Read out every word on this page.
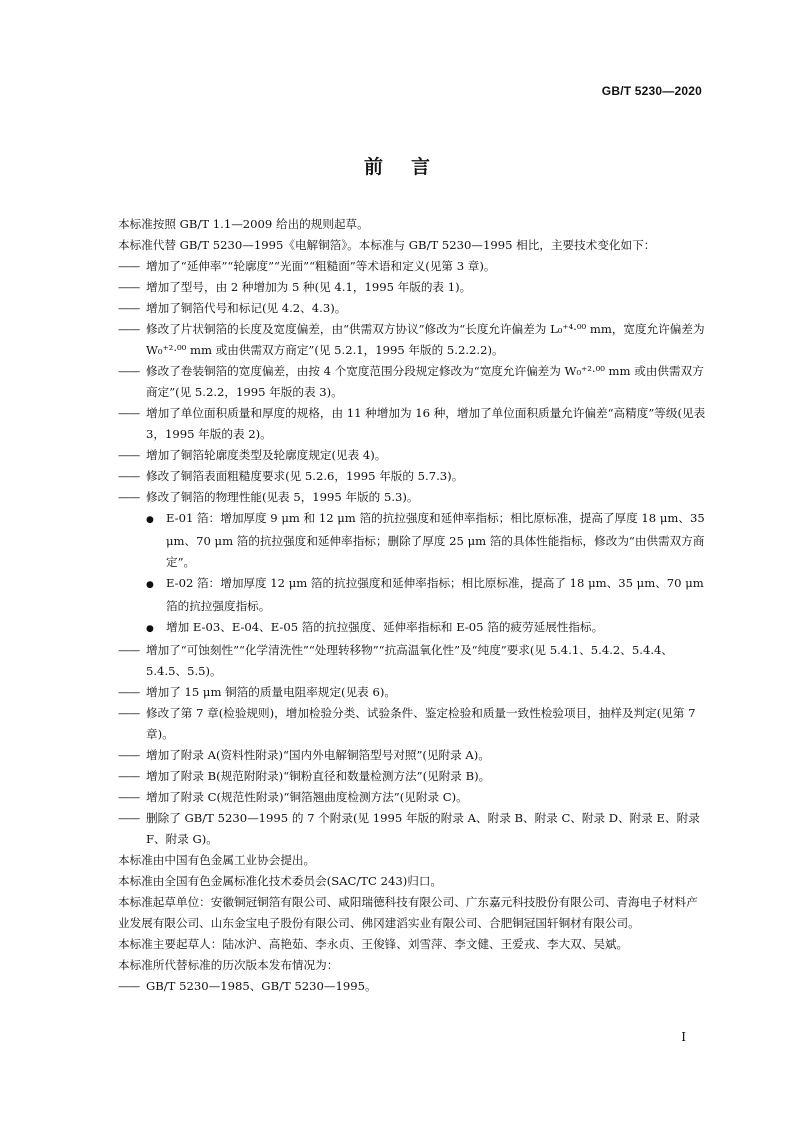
GB/T 5230—2020
前言

本标准按照 GB/T 1.1—2009 给出的规则起草。

本标准代替 GB/T 5230—1995《电解铜箔》。本标准与 GB/T 5230—1995 相比，主要技术变化如下：

—— 增加了“延伸率”“轮廓度”“光面”“粗糙面”等术语和定义(见第 3 章)。

—— 增加了型号，由 2 种增加为 5 种(见 4.1，1995 年版的表 1)。

—— 增加了铜箔代号和标记(见 4.2、4.3)。

—— 修改了片状铜箔的长度及宽度偏差，由“供需双方协议”修改为“长度允许偏差为 L₀⁺⁴·⁰⁰ mm，宽度允许偏差为 W₀⁺²·⁰⁰ mm 或由供需双方商定”(见 5.2.1，1995 年版的 5.2.2.2)。

—— 修改了卷装铜箔的宽度偏差，由按 4 个宽度范围分段规定修改为“宽度允许偏差为 W₀⁺²·⁰⁰ mm 或由供需双方商定”(见 5.2.2，1995 年版的表 3)。

—— 增加了单位面积质量和厚度的规格，由 11 种增加为 16 种，增加了单位面积质量允许偏差“高精度”等级(见表 3，1995 年版的表 2)。

—— 增加了铜箔轮廓度类型及轮廓度规定(见表 4)。

—— 修改了铜箔表面粗糙度要求(见 5.2.6，1995 年版的 5.7.3)。

—— 修改了铜箔的物理性能(见表 5，1995 年版的 5.3)。

● E-01 箔：增加厚度 9 μm 和 12 μm 箔的抗拉强度和延伸率指标；相比原标准，提高了厚度 18 μm、35 μm、70 μm 箔的抗拉强度和延伸率指标；删除了厚度 25 μm 箔的具体性能指标，修改为“由供需双方商定”。

● E-02 箔：增加厚度 12 μm 箔的抗拉强度和延伸率指标；相比原标准，提高了 18 μm、35 μm、70 μm 箔的抗拉强度指标。

● 增加 E-03、E-04、E-05 箔的抗拉强度、延伸率指标和 E-05 箔的疲劳延展性指标。

—— 增加了“可蚀刻性”“化学清洗性”“处理转移物”“抗高温氧化性”及“纯度”要求(见 5.4.1、5.4.2、5.4.4、5.4.5、5.5)。

—— 增加了 15 μm 铜箔的质量电阻率规定(见表 6)。

—— 修改了第 7 章(检验规则)，增加检验分类、试验条件、鉴定检验和质量一致性检验项目，抽样及判定(见第 7 章)。

—— 增加了附录 A(资料性附录)“国内外电解铜箔型号对照”(见附录 A)。

—— 增加了附录 B(规范附附录)“铜粉直径和数量检测方法”(见附录 B)。

—— 增加了附录 C(规范性附录)“铜箔翘曲度检测方法”(见附录 C)。

—— 删除了 GB/T 5230—1995 的 7 个附录(见 1995 年版的附录 A、附录 B、附录 C、附录 D、附录 E、附录 F、附录 G)。

本标准由中国有色金属工业协会提出。

本标准由全国有色金属标准化技术委员会(SAC/TC 243)归口。

本标准起草单位：安徽铜冠铜箔有限公司、咸阳瑞德科技有限公司、广东嘉元科技股份有限公司、青海电子材料产业发展有限公司、山东金宝电子股份有限公司、佛冈建滔实业有限公司、合肥铜冠国轩铜材有限公司。

本标准主要起草人：陆冰沪、高艳茹、李永贞、王俊锋、刘雪萍、李文健、王爱戎、李大双、吴斌。

本标准所代替标准的历次版本发布情况为：

—— GB/T 5230—1985、GB/T 5230—1995。

I
